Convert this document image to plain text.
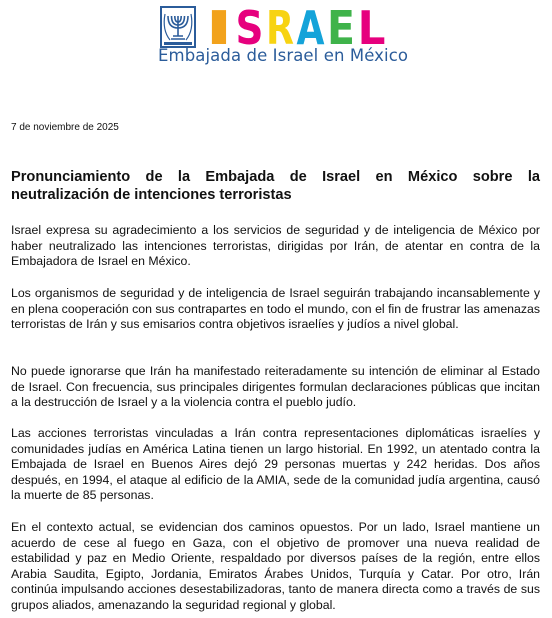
I S R A E L
Embajada de Israel en México
7 de noviembre de 2025
Pronunciamiento de la Embajada de Israel en México sobre la neutralización de intenciones terroristas

Israel expresa su agradecimiento a los servicios de seguridad y de inteligencia de México por haber neutralizado las intenciones terroristas, dirigidas por Irán, de atentar en contra de la Embajadora de Israel en México.

Los organismos de seguridad y de inteligencia de Israel seguirán trabajando incansablemente y en plena cooperación con sus contrapartes en todo el mundo, con el fin de frustrar las amenazas terroristas de Irán y sus emisarios contra objetivos israelíes y judíos a nivel global.

No puede ignorarse que Irán ha manifestado reiteradamente su intención de eliminar al Estado de Israel. Con frecuencia, sus principales dirigentes formulan declaraciones públicas que incitan a la destrucción de Israel y a la violencia contra el pueblo judío.

Las acciones terroristas vinculadas a Irán contra representaciones diplomáticas israelíes y comunidades judías en América Latina tienen un largo historial. En 1992, un atentado contra la Embajada de Israel en Buenos Aires dejó 29 personas muertas y 242 heridas. Dos años después, en 1994, el ataque al edificio de la AMIA, sede de la comunidad judía argentina, causó la muerte de 85 personas.

En el contexto actual, se evidencian dos caminos opuestos. Por un lado, Israel mantiene un acuerdo de cese al fuego en Gaza, con el objetivo de promover una nueva realidad de estabilidad y paz en Medio Oriente, respaldado por diversos países de la región, entre ellos Arabia Saudita, Egipto, Jordania, Emiratos Árabes Unidos, Turquía y Catar. Por otro, Irán continúa impulsando acciones desestabilizadoras, tanto de manera directa como a través de sus grupos aliados, amenazando la seguridad regional y global.
